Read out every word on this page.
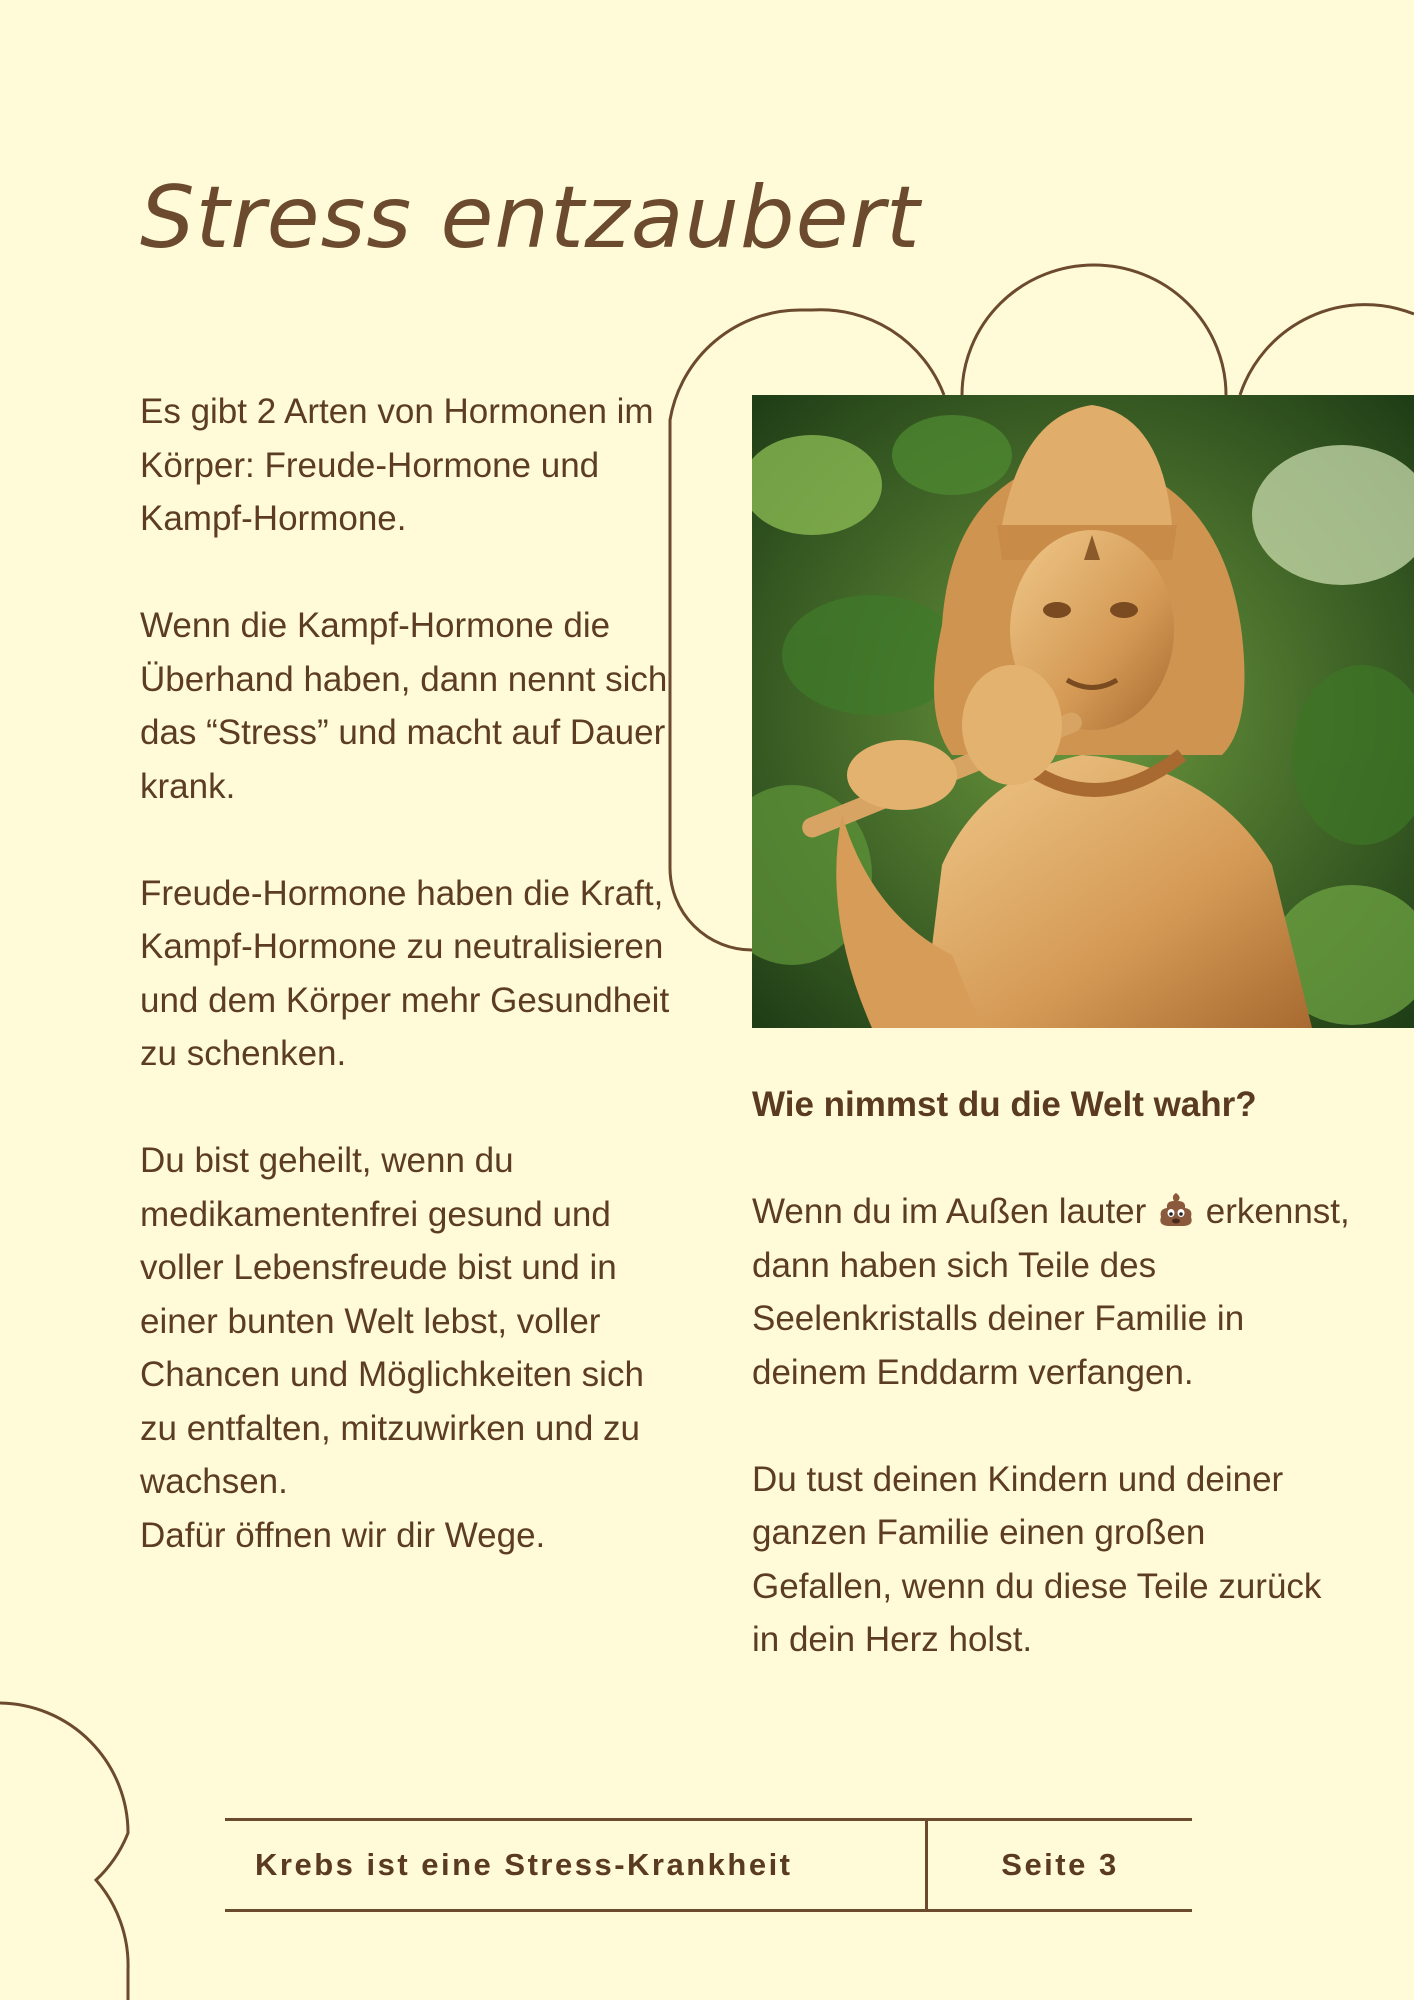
Stress entzaubert

Es gibt 2 Arten von Hormonen im Körper: Freude-Hormone und Kampf-Hormone.

Wenn die Kampf-Hormone die Überhand haben, dann nennt sich das “Stress” und macht auf Dauer krank.

Freude-Hormone haben die Kraft, Kampf-Hormone zu neutralisieren und dem Körper mehr Gesundheit zu schenken.

Du bist geheilt, wenn du medikamentenfrei gesund und voller Lebensfreude bist und in einer bunten Welt lebst, voller Chancen und Möglichkeiten sich zu entfalten, mitzuwirken und zu wachsen.

Dafür öffnen wir dir Wege.

Wie nimmst du die Welt wahr?

Wenn du im Außen lauter erkennst, dann haben sich Teile des Seelenkristalls deiner Familie in deinem Enddarm verfangen.

Du tust deinen Kindern und deiner ganzen Familie einen großen Gefallen, wenn du diese Teile zurück in dein Herz holst.

Krebs ist eine Stress-Krankheit	Seite 3
